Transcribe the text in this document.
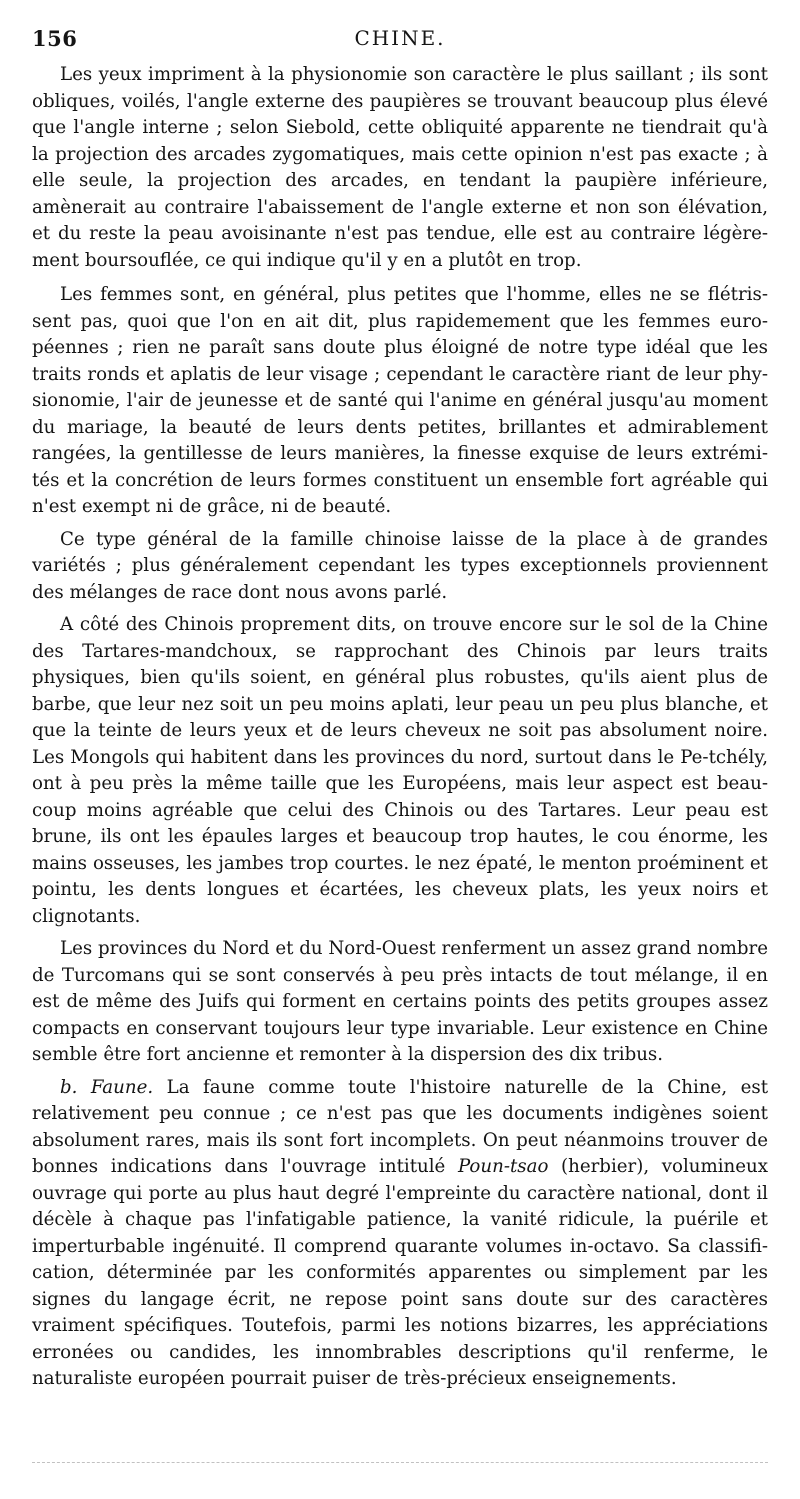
156	CHINE.

Les yeux impriment à la physionomie son caractère le plus saillant ; ils sont obliques, voilés, l'angle externe des paupières se trouvant beaucoup plus élevé que l'angle interne ; selon Siebold, cette obliquité apparente ne tiendrait qu'à la projection des arcades zygomatiques, mais cette opinion n'est pas exacte ; à elle seule, la projection des arcades, en tendant la paupière inférieure, amènerait au contraire l'abaissement de l'angle externe et non son élévation, et du reste la peau avoisinante n'est pas tendue, elle est au contraire légèrement boursouflée, ce qui indique qu'il y en a plutôt en trop.

Les femmes sont, en général, plus petites que l'homme, elles ne se flétrissent pas, quoi que l'on en ait dit, plus rapidemement que les femmes européennes ; rien ne paraît sans doute plus éloigné de notre type idéal que les traits ronds et aplatis de leur visage ; cependant le caractère riant de leur physionomie, l'air de jeunesse et de santé qui l'anime en général jusqu'au moment du mariage, la beauté de leurs dents petites, brillantes et admirablement rangées, la gentillesse de leurs manières, la finesse exquise de leurs extrémités et la concrétion de leurs formes constituent un ensemble fort agréable qui n'est exempt ni de grâce, ni de beauté.

Ce type général de la famille chinoise laisse de la place à de grandes variétés ; plus généralement cependant les types exceptionnels proviennent des mélanges de race dont nous avons parlé.

A côté des Chinois proprement dits, on trouve encore sur le sol de la Chine des Tartares-mandchoux, se rapprochant des Chinois par leurs traits physiques, bien qu'ils soient, en général plus robustes, qu'ils aient plus de barbe, que leur nez soit un peu moins aplati, leur peau un peu plus blanche, et que la teinte de leurs yeux et de leurs cheveux ne soit pas absolument noire. Les Mongols qui habitent dans les provinces du nord, surtout dans le Pe-tchély, ont à peu près la même taille que les Européens, mais leur aspect est beaucoup moins agréable que celui des Chinois ou des Tartares. Leur peau est brune, ils ont les épaules larges et beaucoup trop hautes, le cou énorme, les mains osseuses, les jambes trop courtes. le nez épaté, le menton proéminent et pointu, les dents longues et écartées, les cheveux plats, les yeux noirs et clignotants.

Les provinces du Nord et du Nord-Ouest renferment un assez grand nombre de Turcomans qui se sont conservés à peu près intacts de tout mélange, il en est de même des Juifs qui forment en certains points des petits groupes assez compacts en conservant toujours leur type invariable. Leur existence en Chine semble être fort ancienne et remonter à la dispersion des dix tribus.

b. Faune. La faune comme toute l'histoire naturelle de la Chine, est relativement peu connue ; ce n'est pas que les documents indigènes soient absolument rares, mais ils sont fort incomplets. On peut néanmoins trouver de bonnes indications dans l'ouvrage intitulé Poun-tsao (herbier), volumineux ouvrage qui porte au plus haut degré l'empreinte du caractère national, dont il décèle à chaque pas l'infatigable patience, la vanité ridicule, la puérile et imperturbable ingénuité. Il comprend quarante volumes in-octavo. Sa classification, déterminée par les conformités apparentes ou simplement par les signes du langage écrit, ne repose point sans doute sur des caractères vraiment spécifiques. Toutefois, parmi les notions bizarres, les appréciations erronées ou candides, les innombrables descriptions qu'il renferme, le naturaliste européen pourrait puiser de très-précieux enseignements.
